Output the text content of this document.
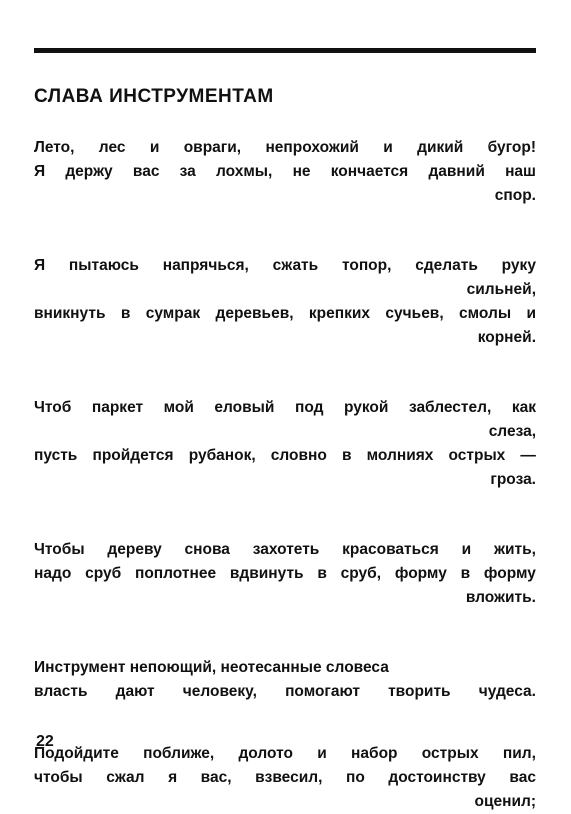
СЛАВА ИНСТРУМЕНТАМ
Лето, лес и овраги, непрохожий и дикий бугор!
Я держу вас за лохмы, не кончается давний наш
спор.
Я пытаюсь напрячься, сжать топор, сделать руку
сильней,
вникнуть в сумрак деревьев, крепких сучьев, смолы и
корней.
Чтоб паркет мой еловый под рукой заблестел, как
слеза,
пусть пройдется рубанок, словно в молниях острых —
гроза.
Чтобы дереву снова захотеть красоваться и жить,
надо сруб поплотнее вдвинуть в сруб, форму в форму
вложить.
Инструмент непоющий, неотесанные словеса
власть дают человеку, помогают творить чудеса.
Подойдите поближе, долото и набор острых пил,
чтобы сжал я вас, взвесил, по достоинству вас
оценил;
22
